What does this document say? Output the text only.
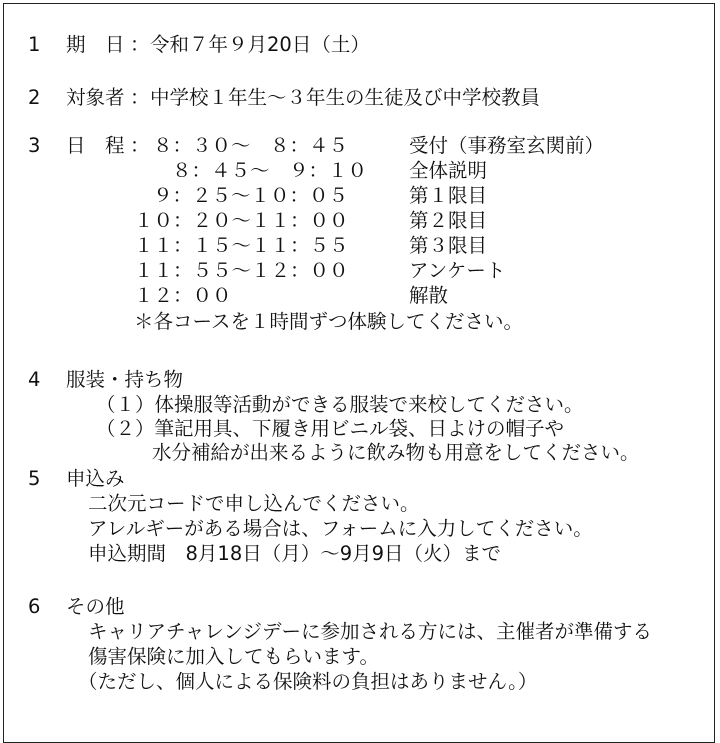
1 期　日 ： 令和７年９月20日（土）
2 対象者 ： 中学校１年生～３年生の生徒及び中学校教員
3 日　程 ： ８：３０～　８：４５	受付（事務室玄関前）
８：４５～　９：１０ 全体説明
９：２５～１０：０５	第１限目
１０：２０～１１：００	第２限目
１１：１５～１１：５５	第３限目
１１：５５～１２：００	アンケート
１２：００	解散
＊各コースを１時間ずつ体験してください。
4 服装・持ち物
（１）体操服等活動ができる服装で来校してください。
（２）筆記用具、下履き用ビニル袋、日よけの帽子や
水分補給が出来るように飲み物も用意をしてください。
5 申込み
二次元コードで申し込んでください。
アレルギーがある場合は、フォームに入力してください。
申込期間　8月18日（月）～9月9日（火）まで
6 その他
キャリアチャレンジデーに参加される方には、主催者が準備する
傷害保険に加入してもらいます。
（ただし、個人による保険料の負担はありません。）
